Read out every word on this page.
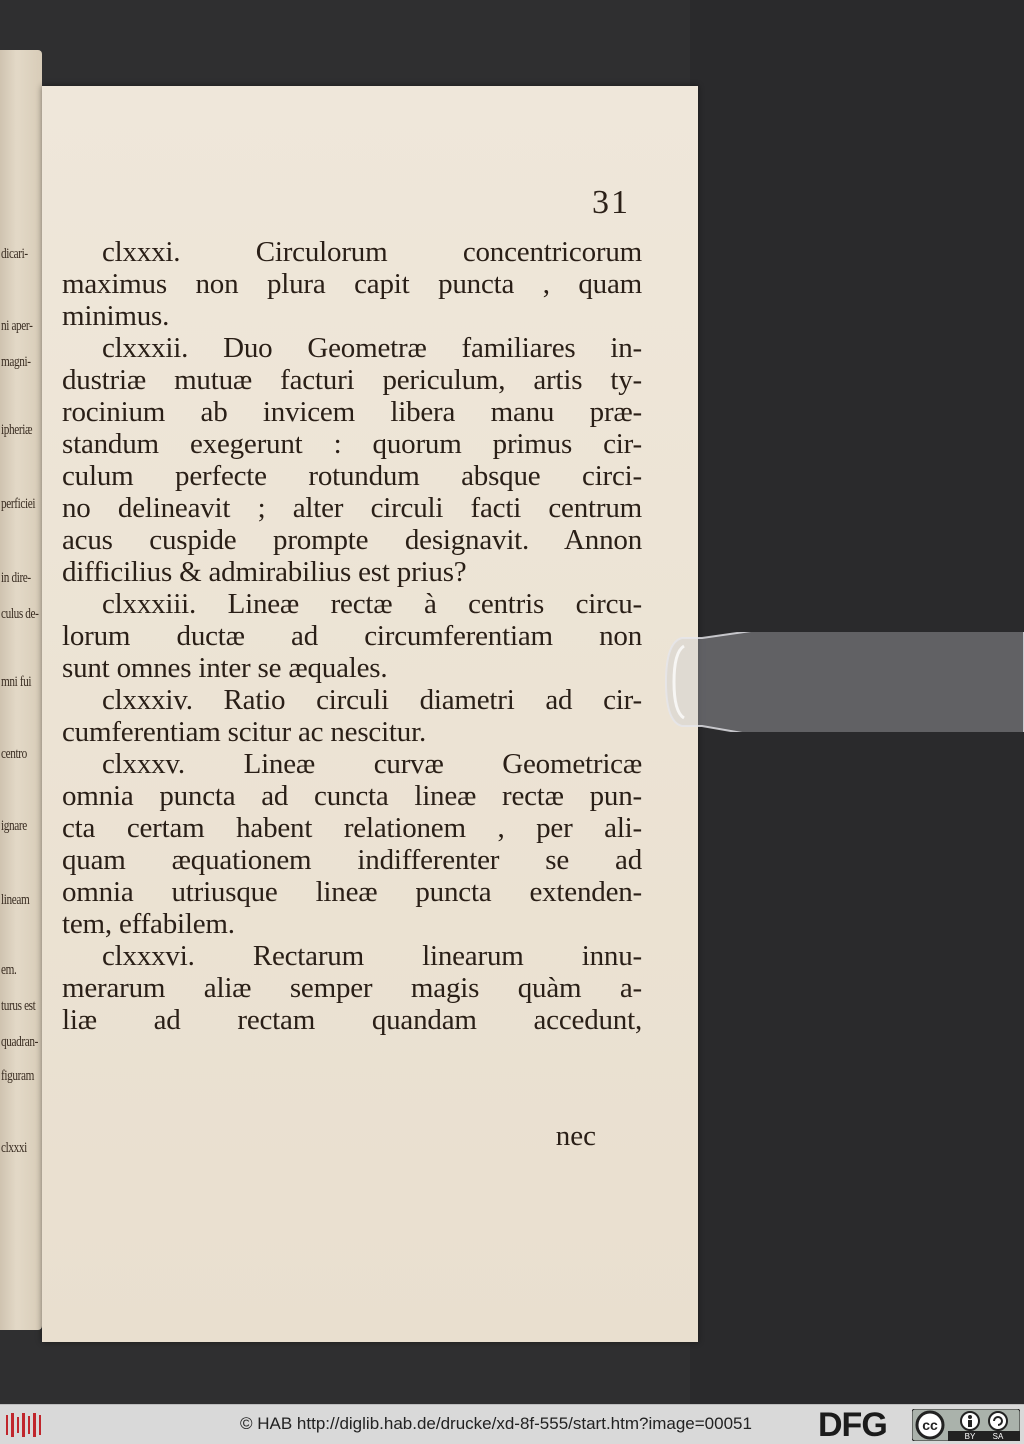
dicari-
ni aper-
magni-
ipheriæ
perficiei
in dire-
culus de-
mni fui
centro
ignare
lineam
em.
turus est
quadran-
figuram
clxxxi
31
clxxxi. Circulorum concentricorum
maximus non plura capit puncta , quam
minimus.
clxxxii. Duo Geometræ familiares in-
dustriæ mutuæ facturi periculum, artis ty-
rocinium ab invicem libera manu præ-
standum exegerunt : quorum primus cir-
culum perfecte rotundum absque circi-
no delineavit ; alter circuli facti centrum
acus cuspide prompte designavit. Annon
difficilius & admirabilius est prius?
clxxxiii. Lineæ rectæ à centris circu-
lorum ductæ ad circumferentiam non
sunt omnes inter se æquales.
clxxxiv. Ratio circuli diametri ad cir-
cumferentiam scitur ac nescitur.
clxxxv. Lineæ curvæ Geometricæ
omnia puncta ad cuncta lineæ rectæ pun-
cta certam habent relationem , per ali-
quam æquationem indifferenter se ad
omnia utriusque lineæ puncta extenden-
tem, effabilem.
clxxxvi. Rectarum linearum innu-
merarum aliæ semper magis quàm a-
liæ ad rectam quandam accedunt,
nec
© HAB http://diglib.hab.de/drucke/xd-8f-555/start.htm?image=00051 DFG	cc
BY SA
